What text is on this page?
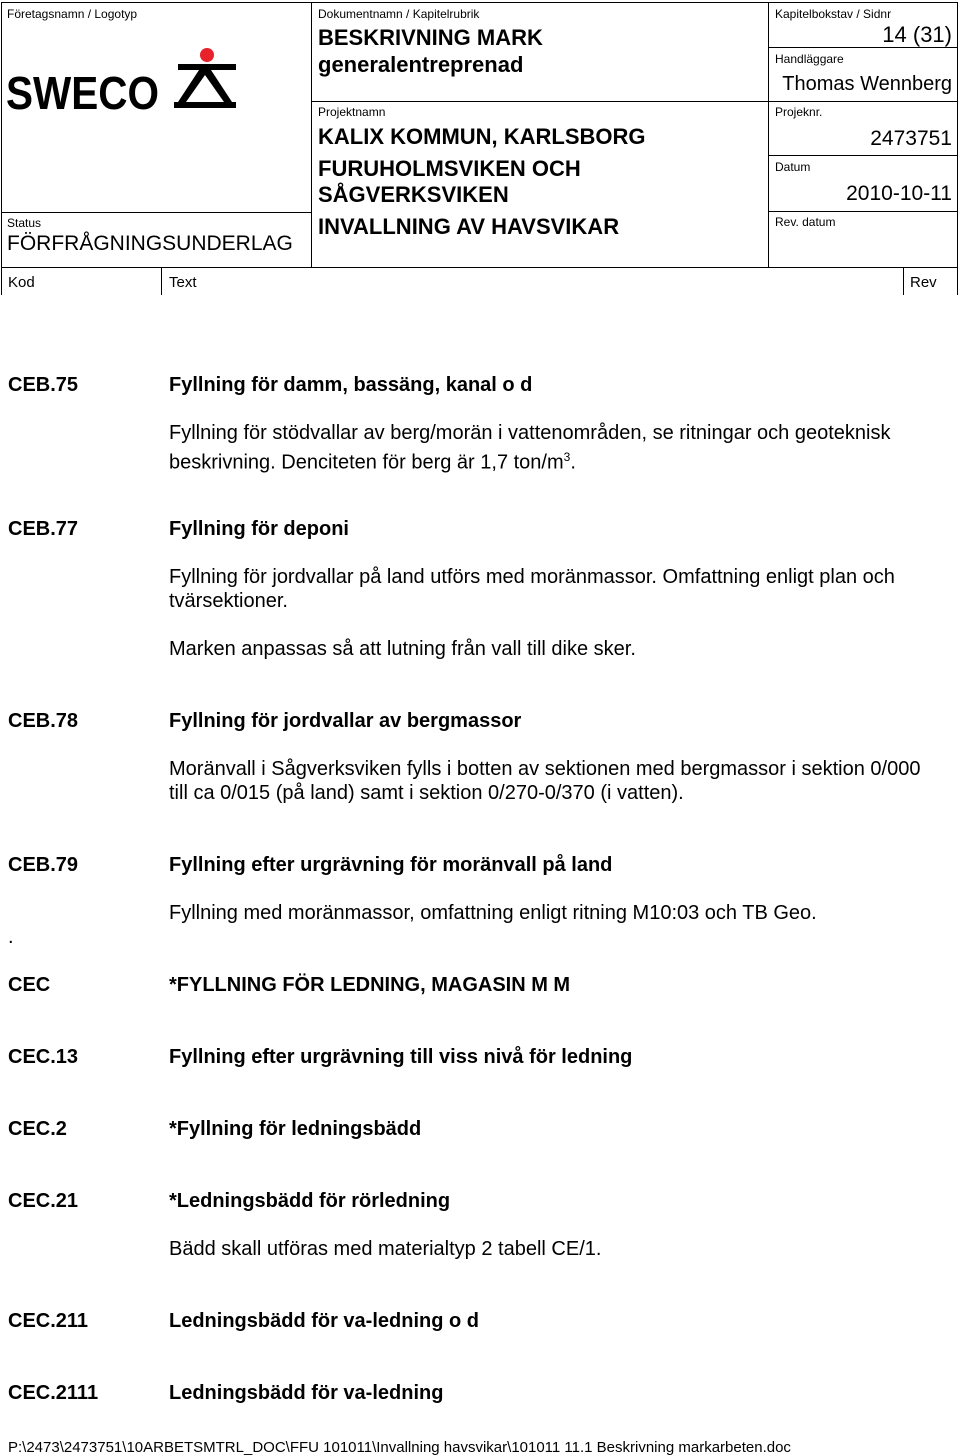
Företagsnamn / Logotyp
SWECO
Status
FÖRFRÅGNINGSUNDERLAG
Dokumentnamn / Kapitelrubrik
BESKRIVNING MARK
generalentreprenad
Projektnamn
KALIX KOMMUN, KARLSBORG
FURUHOLMSVIKEN OCH
SÅGVERKSVIKEN
INVALLNING AV HAVSVIKAR
Kapitelbokstav / Sidnr
14 (31)
Handläggare
Thomas Wennberg
Projeknr.
2473751
Datum
2010-10-11
Rev. datum
Kod	Text	Rev
CEB.75	Fyllning för damm, bassäng, kanal o d
Fyllning för stödvallar av berg/morän i vattenområden, se ritningar och geoteknisk beskrivning. Denciteten för berg är 1,7 ton/$m^3$.
CEB.77	Fyllning för deponi
Fyllning för jordvallar på land utförs med moränmassor. Omfattning enligt plan och tvärsektioner.
Marken anpassas så att lutning från vall till dike sker.
CEB.78	Fyllning för jordvallar av bergmassor
Moränvall i Sågverksviken fylls i botten av sektionen med bergmassor i sektion 0/000 till ca 0/015 (på land) samt i sektion 0/270-0/370 (i vatten).
CEB.79	Fyllning efter urgrävning för moränvall på land
Fyllning med moränmassor, omfattning enligt ritning M10:03 och TB Geo.
.
CEC	*FYLLNING FÖR LEDNING, MAGASIN M M
CEC.13	Fyllning efter urgrävning till viss nivå för ledning
CEC.2	*Fyllning för ledningsbädd
CEC.21	*Ledningsbädd för rörledning
Bädd skall utföras med materialtyp 2 tabell CE/1.
CEC.211	Ledningsbädd för va-ledning o d
CEC.2111	Ledningsbädd för va-ledning
P:\2473\2473751\10ARBETSMTRL_DOC\FFU 101011\Invallning havsvikar\101011 11.1 Beskrivning markarbeten.doc
